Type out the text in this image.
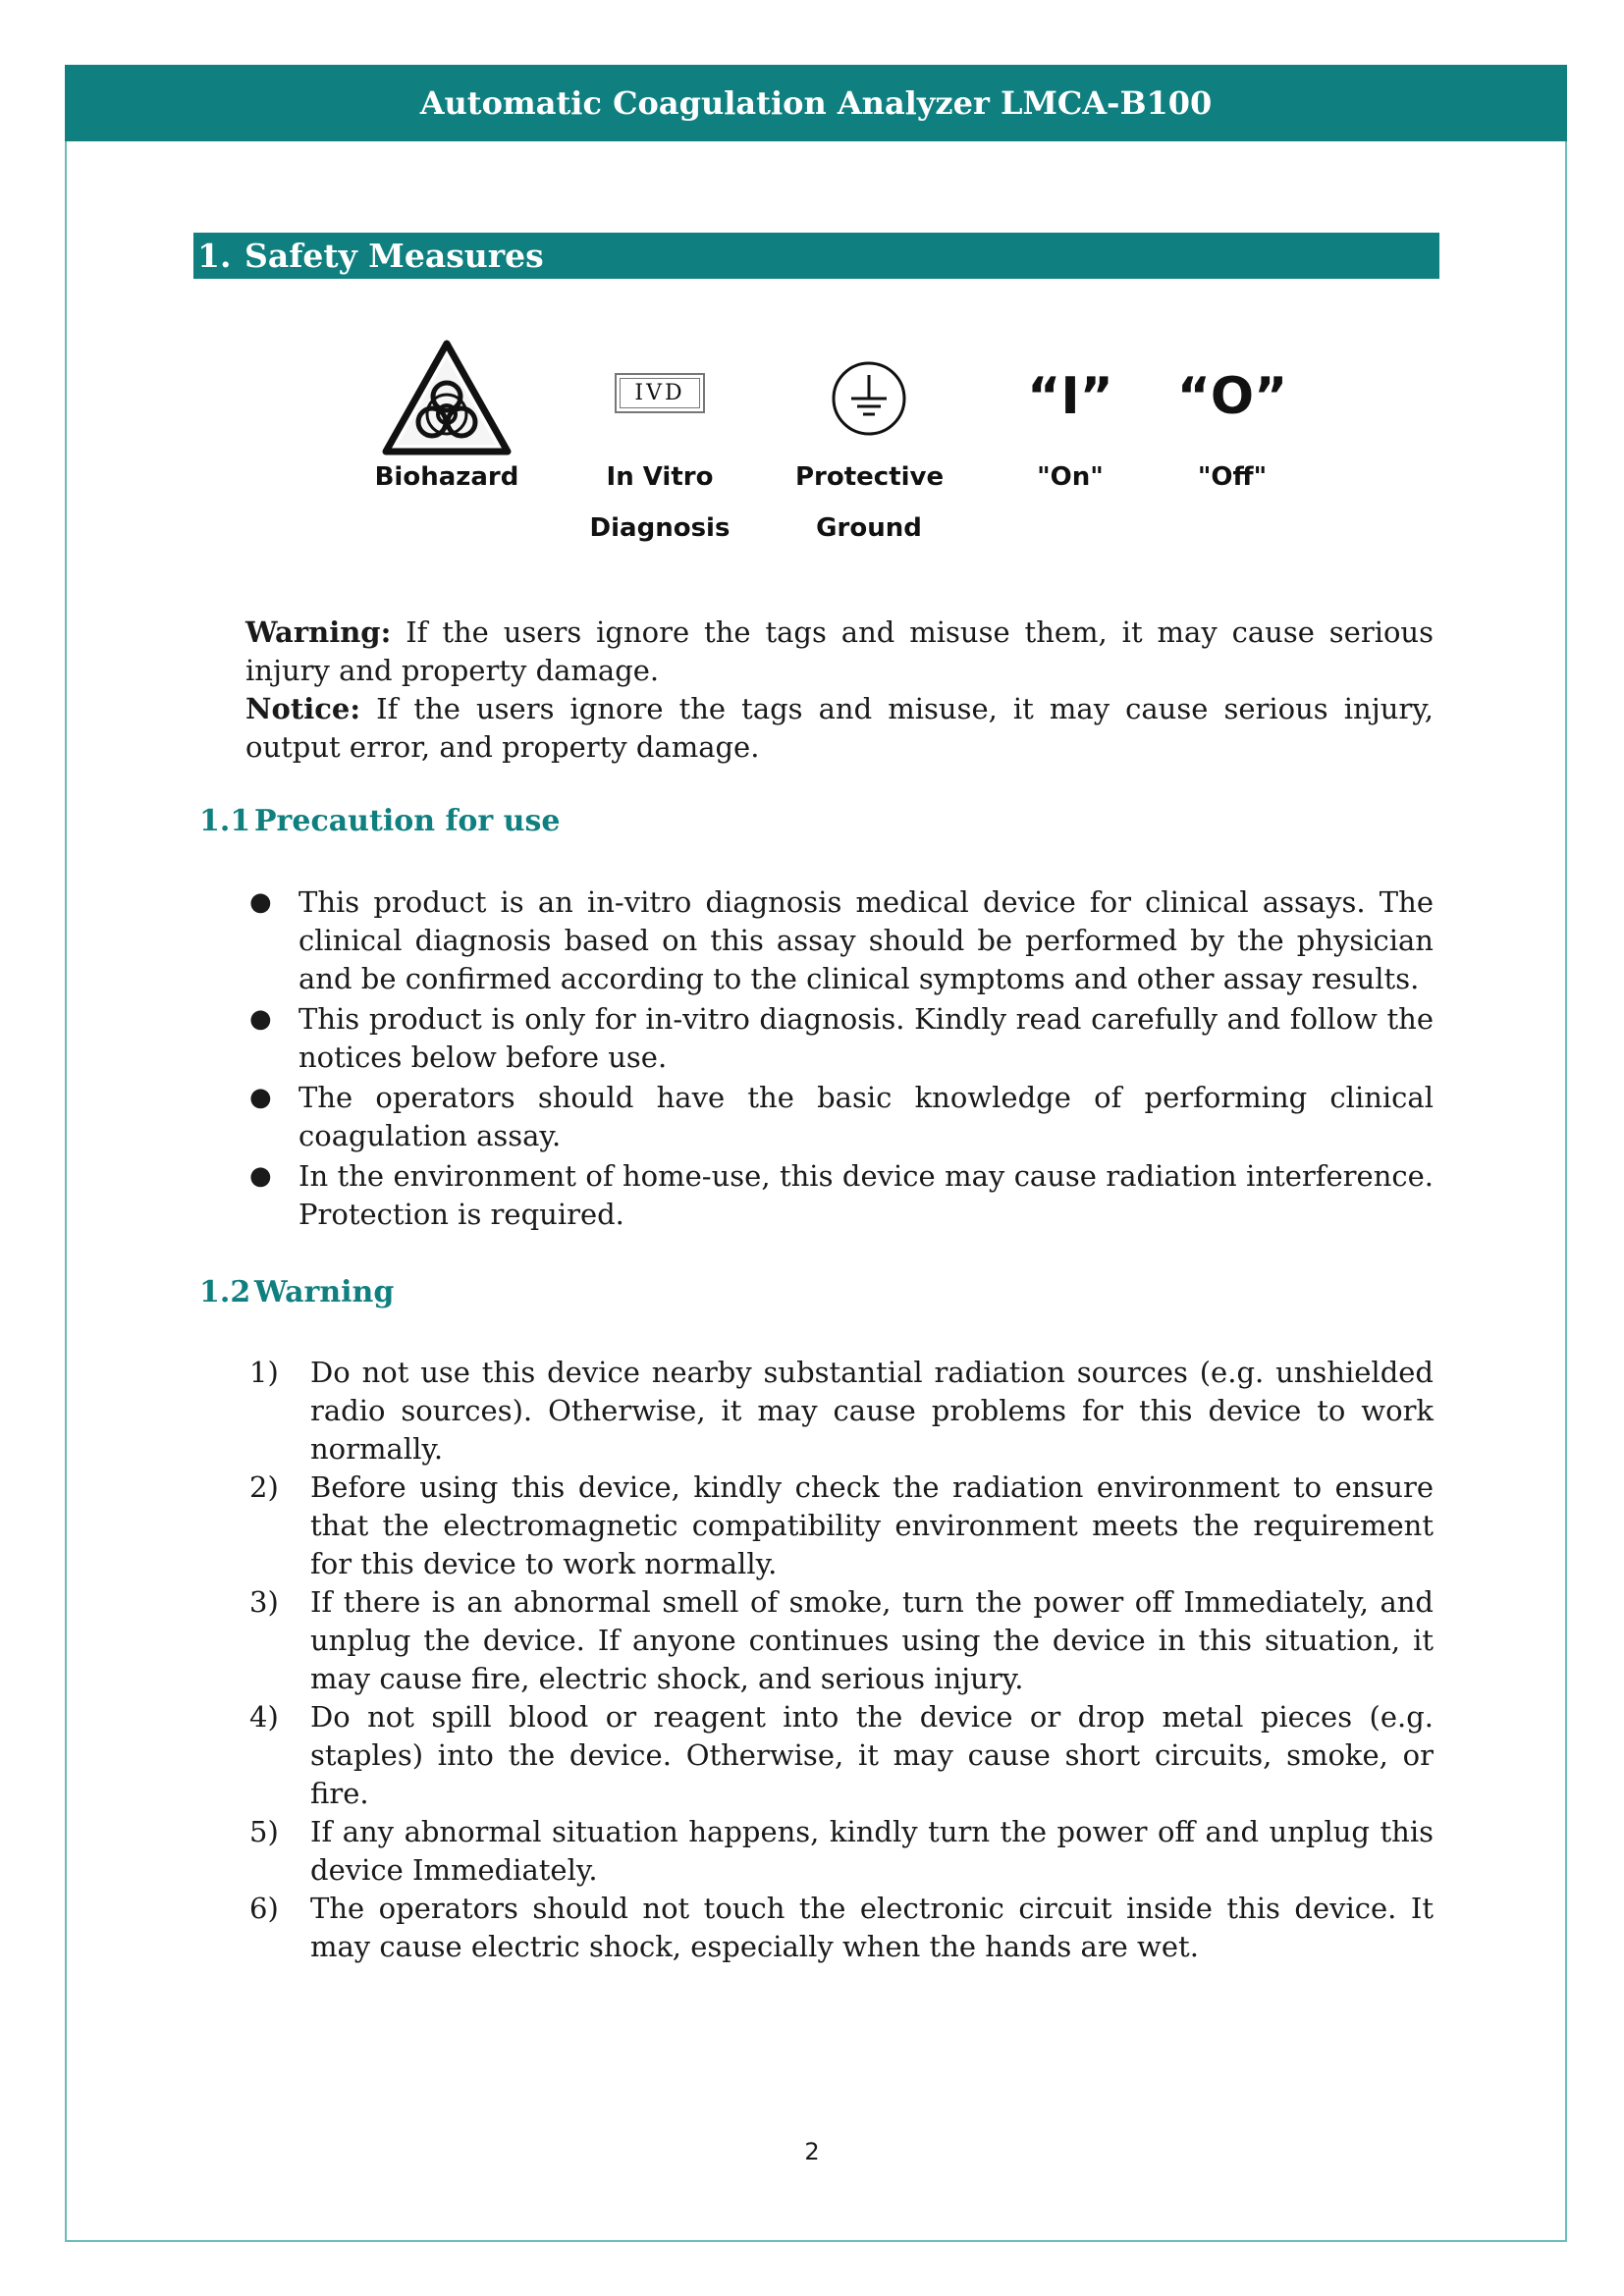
Automatic Coagulation Analyzer LMCA-B100
1. Safety Measures
Biohazard
IVD
In Vitro Diagnosis
Protective
Ground
“I”
"On"
“O”
"Off"
Warning: If the users ignore the tags and misuse them, it may cause serious injury and property damage.
Notice: If the users ignore the tags and misuse, it may cause serious injury, output error, and property damage.
1.1 Precaution for use
● This product is an in-vitro diagnosis medical device for clinical assays. The clinical diagnosis based on this assay should be performed by the physician and be confirmed according to the clinical symptoms and other assay results.
● This product is only for in-vitro diagnosis. Kindly read carefully and follow the notices below before use.
● The operators should have the basic knowledge of performing clinical coagulation assay.
● In the environment of home-use, this device may cause radiation interference. Protection is required.
1.2 Warning
1) Do not use this device nearby substantial radiation sources (e.g. unshielded radio sources). Otherwise, it may cause problems for this device to work normally.
2) Before using this device, kindly check the radiation environment to ensure that the electromagnetic compatibility environment meets the requirement for this device to work normally.
3) If there is an abnormal smell of smoke, turn the power off Immediately, and unplug the device. If anyone continues using the device in this situation, it may cause fire, electric shock, and serious injury.
4) Do not spill blood or reagent into the device or drop metal pieces (e.g. staples) into the device. Otherwise, it may cause short circuits, smoke, or fire.
5) If any abnormal situation happens, kindly turn the power off and unplug this device Immediately.
6) The operators should not touch the electronic circuit inside this device. It may cause electric shock, especially when the hands are wet.
2
